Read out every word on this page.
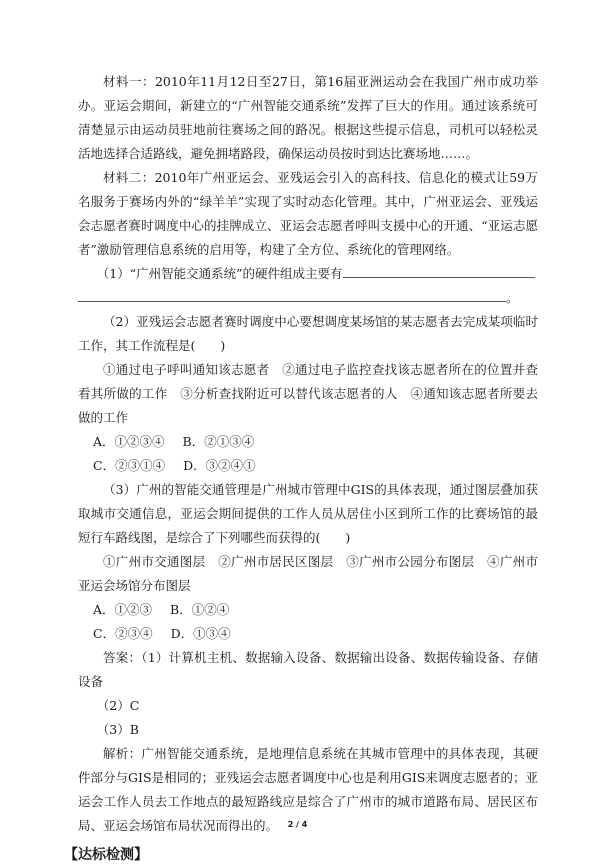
材料一：2010年11月12日至27日，第16届亚洲运动会在我国广州市成功举办。亚运会期间，新建立的“广州智能交通系统”发挥了巨大的作用。通过该系统可清楚显示由运动员驻地前往赛场之间的路况。根据这些提示信息，司机可以轻松灵活地选择合适路线，避免拥堵路段，确保运动员按时到达比赛场地……。

材料二：2010年广州亚运会、亚残运会引入的高科技、信息化的模式让59万名服务于赛场内外的“绿羊羊”实现了实时动态化管理。其中，广州亚运会、亚残运会志愿者赛时调度中心的挂牌成立、亚运会志愿者呼叫支援中心的开通、“亚运志愿者”激励管理信息系统的启用等，构建了全方位、系统化的管理网络。

（1）“广州智能交通系统”的硬件组成主要有

。

（2）亚残运会志愿者赛时调度中心要想调度某场馆的某志愿者去完成某项临时工作，其工作流程是(　　)

①通过电子呼叫通知该志愿者　②通过电子监控查找该志愿者所在的位置并查看其所做的工作　③分析查找附近可以替代该志愿者的人　④通知该志愿者所要去做的工作

A．①②③④ B．②①③④

C．②③①④ D．③②④①

（3）广州的智能交通管理是广州城市管理中GIS的具体表现，通过图层叠加获取城市交通信息，亚运会期间提供的工作人员从居住小区到所工作的比赛场馆的最短行车路线图，是综合了下列哪些而获得的(　　)

①广州市交通图层　②广州市居民区图层　③广州市公园分布图层　④广州市亚运会场馆分布图层

A．①②③ B．①②④

C．②③④ D．①③④

答案：（1）计算机主机、数据输入设备、数据输出设备、数据传输设备、存储设备

（2）C

（3）B

解析：广州智能交通系统，是地理信息系统在其城市管理中的具体表现，其硬件部分与GIS是相同的；亚残运会志愿者调度中心也是利用GIS来调度志愿者的；亚运会工作人员去工作地点的最短路线应是综合了广州市的城市道路布局、居民区布局、亚运会场馆布局状况而得出的。

【达标检测】
2 / 4
